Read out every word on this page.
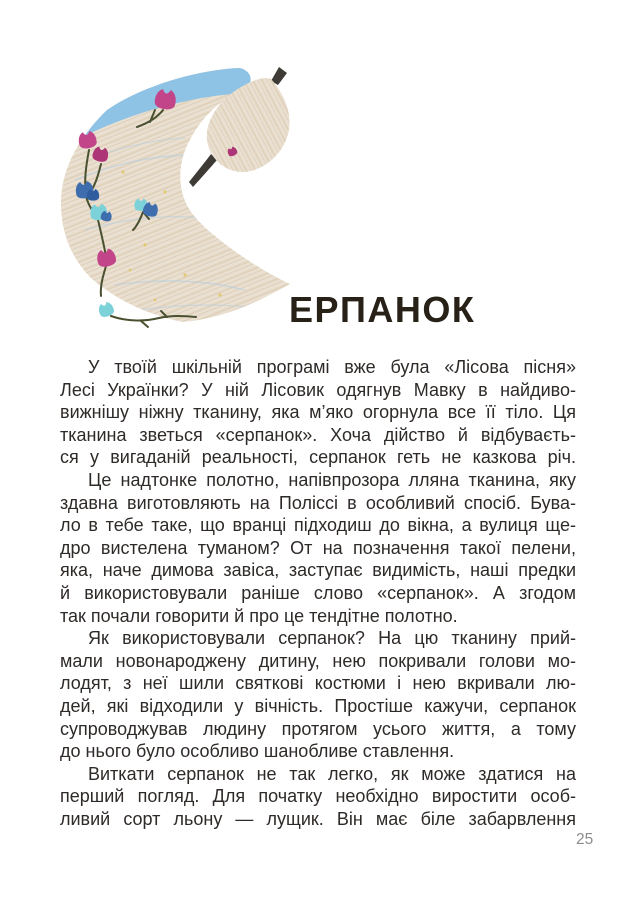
ЕРПАНОК
У твоїй шкільній програмі вже була «Лісова пісня»
Лесі Українки? У ній Лісовик одягнув Мавку в найдиво-
вижнішу ніжну тканину, яка м’яко огорнула все її тіло. Ця
тканина зветься «серпанок». Хоча дійство й відбуваєть-
ся у вигаданій реальності, серпанок геть не казкова річ.
Це надтонке полотно, напівпрозора лляна тканина, яку
здавна виготовляють на Поліссі в особливий спосіб. Бува-
ло в тебе таке, що вранці підходиш до вікна, а вулиця ще-
дро вистелена туманом? От на позначення такої пелени,
яка, наче димова завіса, заступає видимість, наші предки
й використовували раніше слово «серпанок». А згодом
так почали говорити й про це тендітне полотно.
Як використовували серпанок? На цю тканину прий-
мали новонароджену дитину, нею покривали голови мо-
лодят, з неї шили святкові костюми і нею вкривали лю-
дей, які відходили у вічність. Простіше кажучи, серпанок
супроводжував людину протягом усього життя, а тому
до нього було особливо шанобливе ставлення.
Виткати серпанок не так легко, як може здатися на
перший погляд. Для початку необхідно виростити особ-
ливий сорт льону — лущик. Він має біле забарвлення
25
